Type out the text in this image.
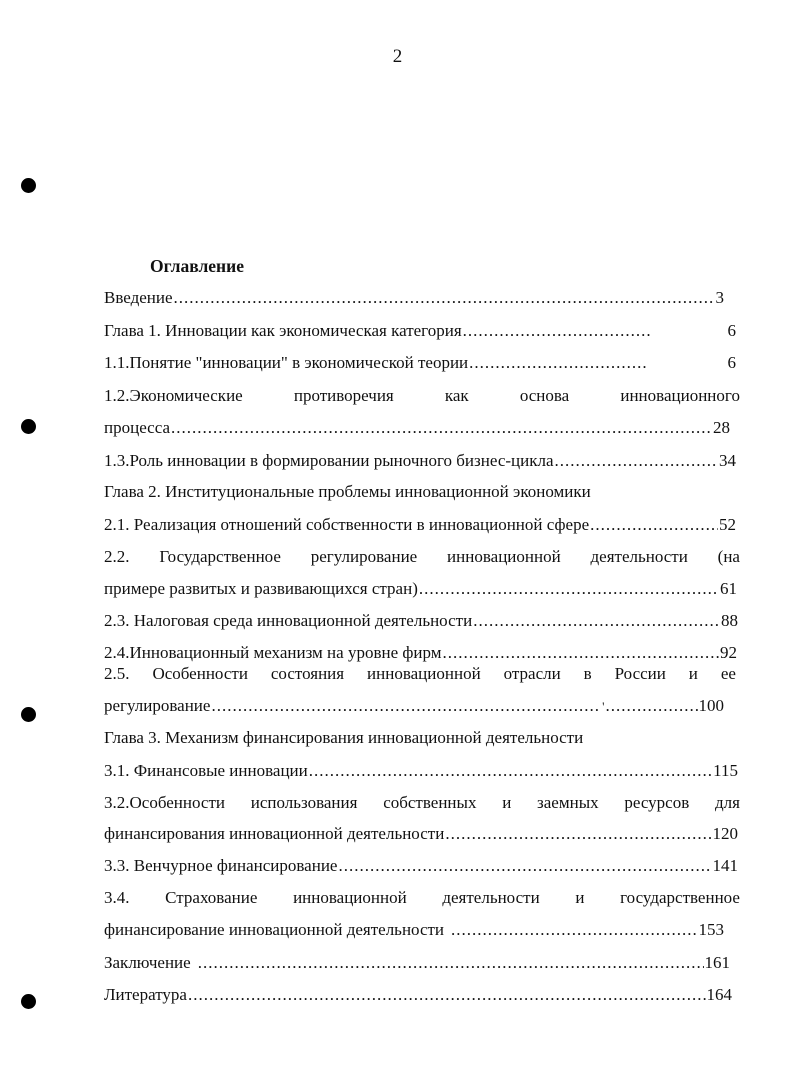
2
Оглавление
Введение .....	3
Глава 1. Инновации как экономическая категория .....	6
1.1.Понятие "инновации" в экономической теории .....	6
1.2.Экономические	противоречия	как	основа	инновационного
процесса .....	28
1.3.Роль инновации в формировании рыночного бизнес-цикла .....	34
Глава 2. Институциональные проблемы инновационной экономики
2.1. Реализация отношений собственности в инновационной сфере .....	52
2.2. Государственное регулирование инновационной деятельности (на
примере развитых и развивающихся стран) .....	61
2.3. Налоговая среда инновационной деятельности .....	88
2.4.Инновационный механизм на уровне фирм .....	92
2.5. Особенности состояния инновационной отрасли в России и ее
регулирование .....	' .....	100
Глава 3. Механизм финансирования инновационной деятельности
3.1. Финансовые инновации .....	115
3.2.Особенности использования собственных и заемных ресурсов для
финансирования инновационной деятельности .....	120
3.3. Венчурное финансирование .....	141
3.4. Страхование инновационной деятельности и государственное
финансирование инновационной деятельности .....	153
Заключение .....	161
Литература .....	164
